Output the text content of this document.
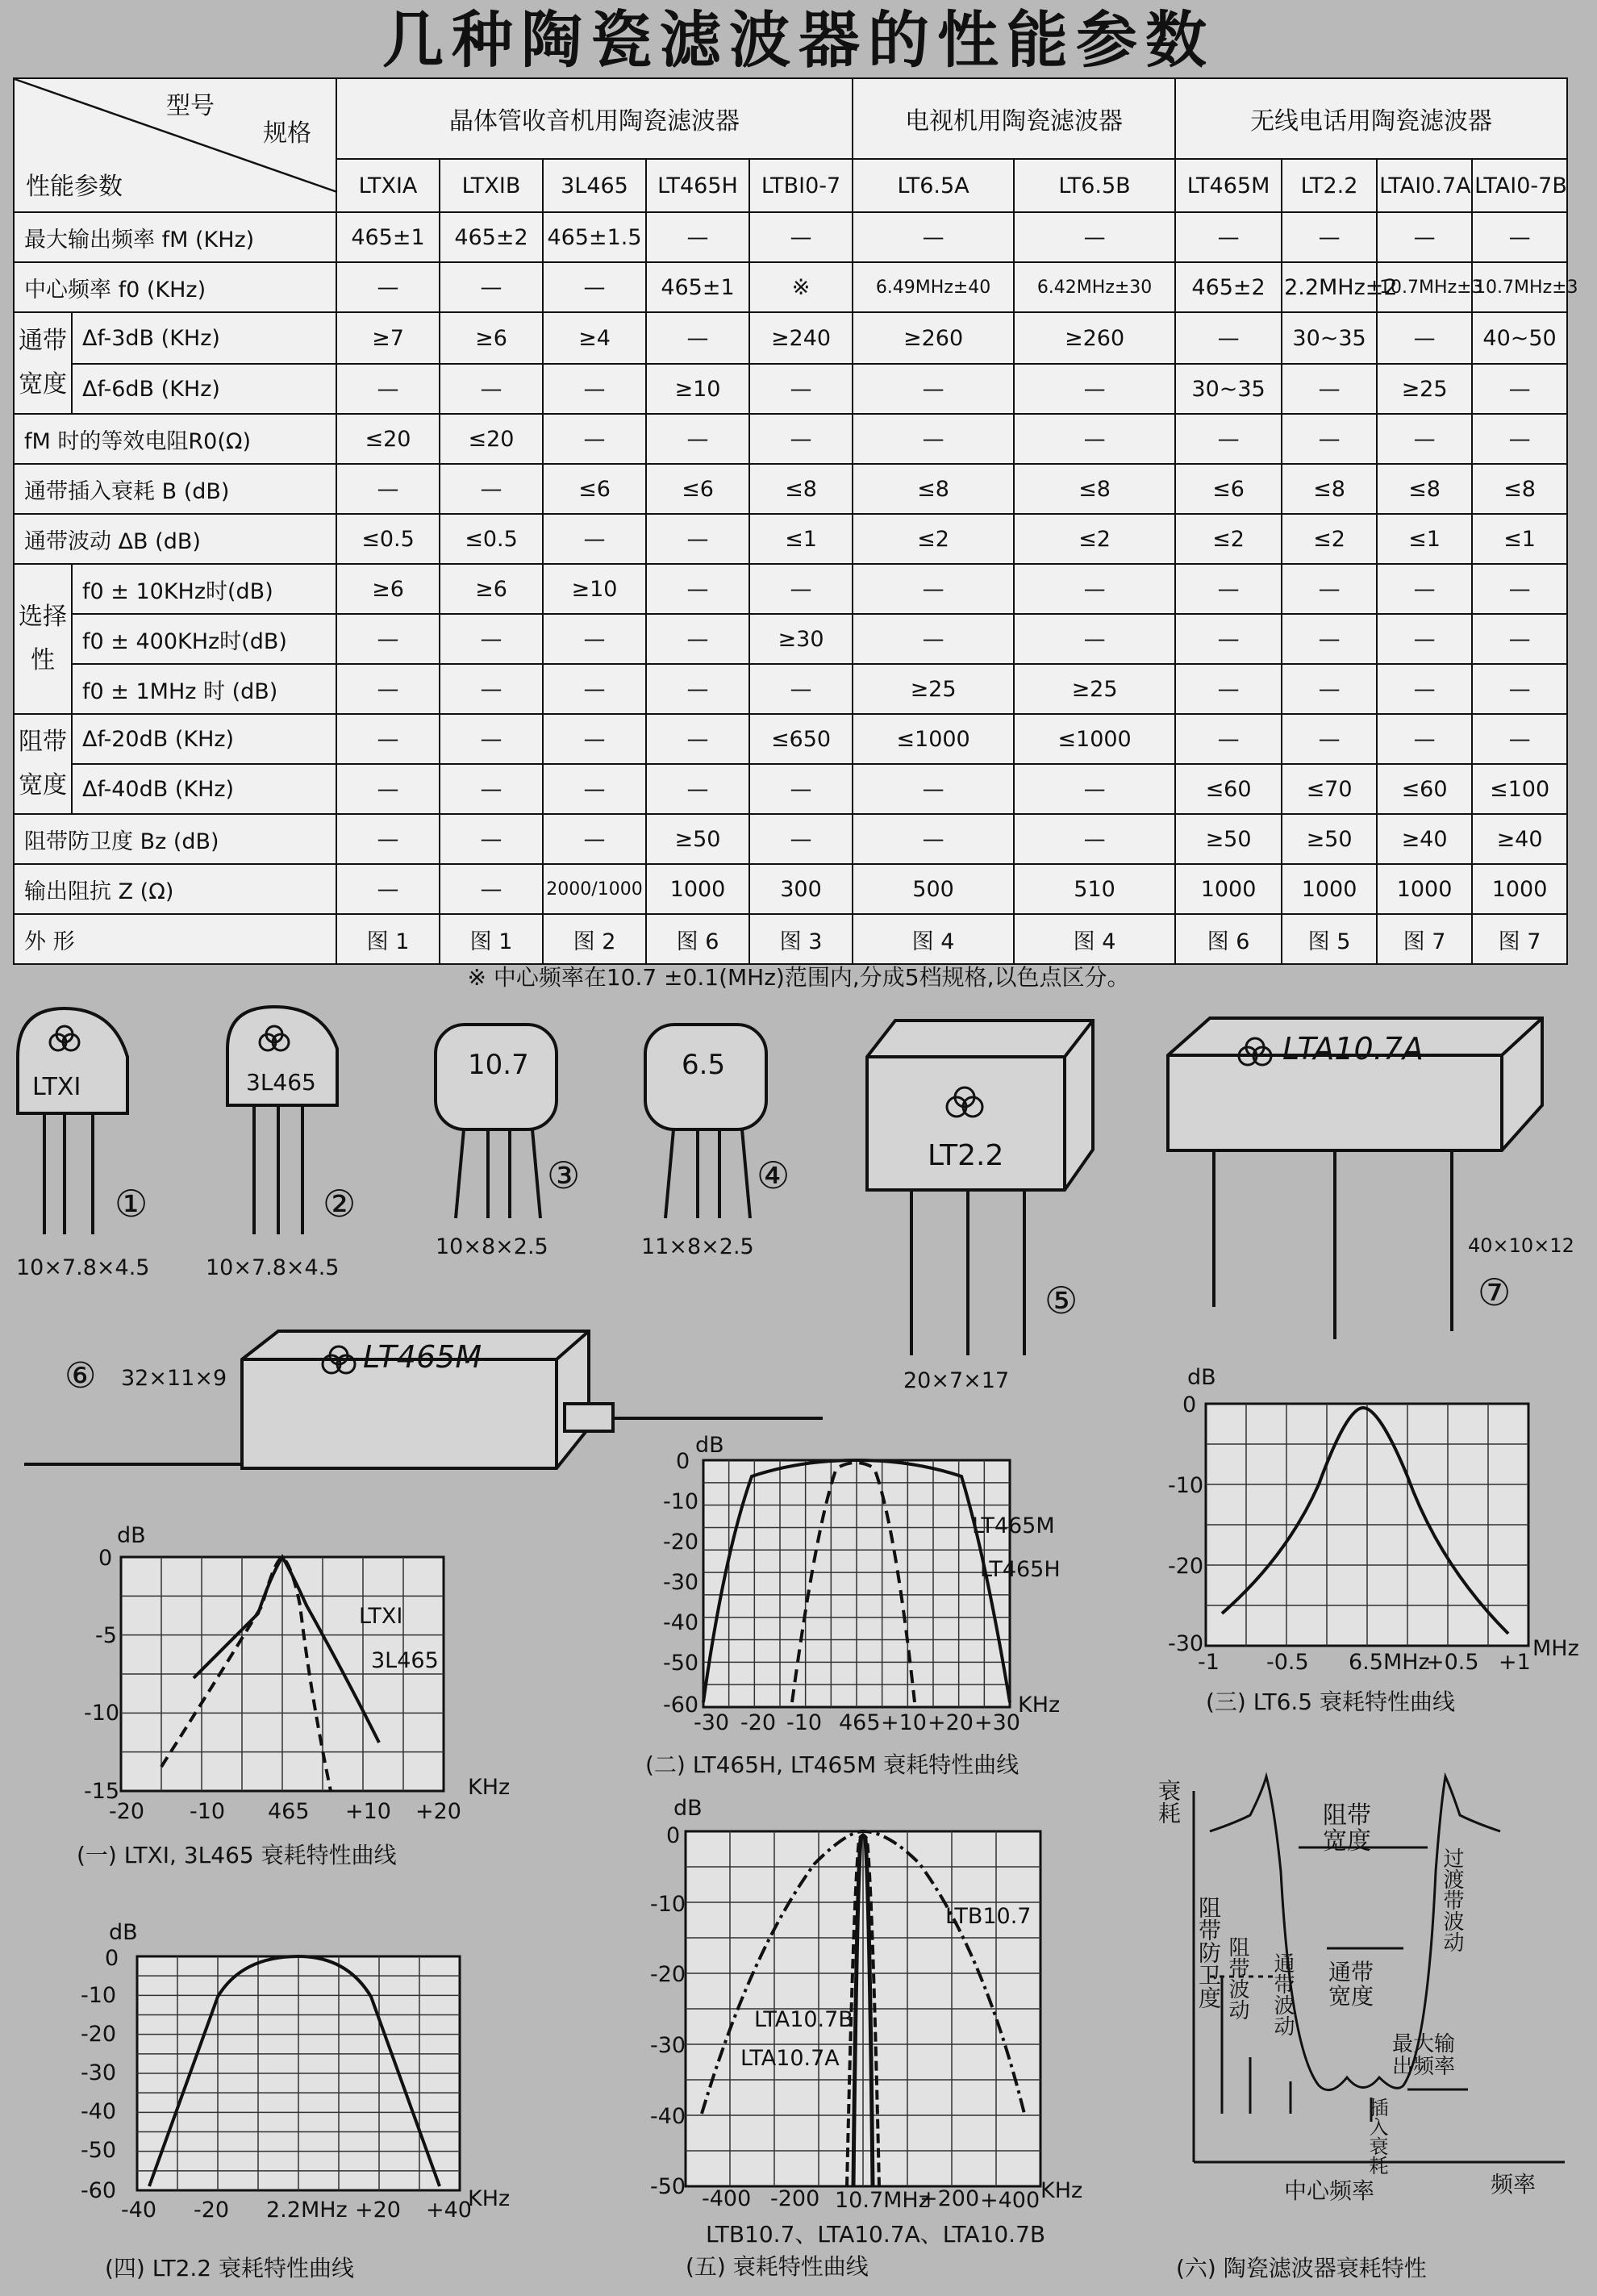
几种陶瓷滤波器的性能参数
型号
规格
性能参数		晶体管收音机用陶瓷滤波器					电视机用陶瓷滤波器		无线电话用陶瓷滤波器			
		LTXIA	LTXIB	3L465	LT465H	LTBI0-7	LT6.5A	LT6.5B	LT465M	LT2.2	LTAI0.7A	LTAI0-7B
最大输出频率 fM (KHz)		465±1	465±2	465±1.5	—	—	—	—	—	—	—	—
中心频率 f0 (KHz)		—	—	—	465±1	※	6.49MHz±40	6.42MHz±30	465±2	2.2MHz±2	10.7MHz±3	10.7MHz±3
通带宽度	Δf-3dB (KHz)	≥7	≥6	≥4	—	≥240	≥260	≥260	—	30~35	—	40~50
	Δf-6dB (KHz)	—	—	—	≥10	—	—	—	30~35	—	≥25	—
fM 时的等效电阻R0(Ω)		≤20	≤20	—	—	—	—	—	—	—	—	—
通带插入衰耗 B (dB)		—	—	≤6	≤6	≤8	≤8	≤8	≤6	≤8	≤8	≤8
通带波动 ΔB (dB)		≤0.5	≤0.5	—	—	≤1	≤2	≤2	≤2	≤2	≤1	≤1
选择性	f0 ± 10KHz时(dB)	≥6	≥6	≥10	—	—	—	—	—	—	—	—
	f0 ± 400KHz时(dB)	—	—	—	—	≥30	—	—	—	—	—	—
	f0 ± 1MHz 时 (dB)	—	—	—	—	—	≥25	≥25	—	—	—	—
阻带宽度	Δf-20dB (KHz)	—	—	—	—	≤650	≤1000	≤1000	—	—	—	—
	Δf-40dB (KHz)	—	—	—	—	—	—	—	≤60	≤70	≤60	≤100
阻带防卫度 Bz (dB)		—	—	—	≥50	—	—	—	≥50	≥50	≥40	≥40
输出阻抗 Z (Ω)		—	—	2000/1000	1000	300	500	510	1000	1000	1000	1000
外 形		图 1	图 1	图 2	图 6	图 3	图 4	图 4	图 6	图 5	图 7	图 7
※ 中心频率在10.7 ±0.1(MHz)范围内,分成5档规格,以色点区分。
LTXI
①
10×7.8×4.5
3L465
②
10×7.8×4.5
10.7
③
10×8×2.5
6.5
④
11×8×2.5
LT2.2
⑤
20×7×17
LT465M
⑥ 32×11×9
LTA10.7A
⑦
40×10×12
dB
0
-5
-10
-15
-20 -10 465 +10 +20
KHz
LTXI
3L465
(一) LTXI, 3L465 衰耗特性曲线
dB
0
-10
-20
-30
-40
-50
-60
-30 -20 -10 465 +10 +20 +30
KHz
LT465M
LT465H
(二) LT465H, LT465M 衰耗特性曲线
dB
0
-10
-20
-30
-1 -0.5 6.5MHz
+0.5 +1
MHz
(三) LT6.5 衰耗特性曲线
dB
0
-10
-20
-30
-40
-50
-60
-40 -20 2.2MHz +20 +40
KHz
(四) LT2.2 衰耗特性曲线
dB
0
-10
-20
-30
-40
-50 -400 -200 10.7MHz
+200 +400 KHz
LTB10.7
LTA10.7B
LTA10.7A
LTB10.7、LTA10.7A、LTA10.7B
(五) 衰耗特性曲线
衰耗
频率
中心频率
阻带宽度
通带宽度
阻带防卫度 阻带波动 通带波动
过渡带波动
最大输出频率
插入衰耗
(六) 陶瓷滤波器衰耗特性
